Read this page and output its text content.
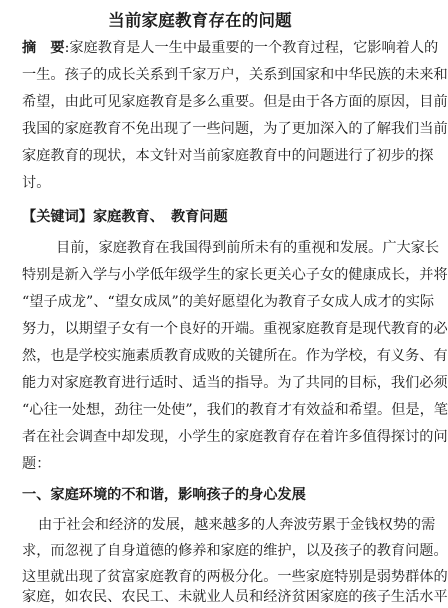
当前家庭教育存在的问题
摘　要:家庭教育是人一生中最重要的一个教育过程，它影响着人的
一生。孩子的成长关系到千家万户，关系到国家和中华民族的未来和
希望，由此可见家庭教育是多么重要。但是由于各方面的原因，目前
我国的家庭教育不免出现了一些问题，为了更加深入的了解我们当前
家庭教育的现状，本文针对当前家庭教育中的问题进行了初步的探
讨。
【关键词】家庭教育、　教育问题
目前，家庭教育在我国得到前所未有的重视和发展。广大家长
特别是新入学与小学低年级学生的家长更关心子女的健康成长，并将
“望子成龙”、“望女成凤”的美好愿望化为教育子女成人成才的实际
努力，以期望子女有一个良好的开端。重视家庭教育是现代教育的必
然，也是学校实施素质教育成败的关键所在。作为学校，有义务、有
能力对家庭教育进行适时、适当的指导。为了共同的目标，我们必须
“心往一处想，劲往一处使”，我们的教育才有效益和希望。但是，笔
者在社会调查中却发现，小学生的家庭教育存在着许多值得探讨的问
题：
一、家庭环境的不和谐，影响孩子的身心发展
由于社会和经济的发展，越来越多的人奔波劳累于金钱权势的需
求，而忽视了自身道德的修养和家庭的维护，以及孩子的教育问题。
这里就出现了贫富家庭教育的两极分化。一些家庭特别是弱势群体的
家庭，如农民、农民工、未就业人员和经济贫困家庭的孩子生活水平
